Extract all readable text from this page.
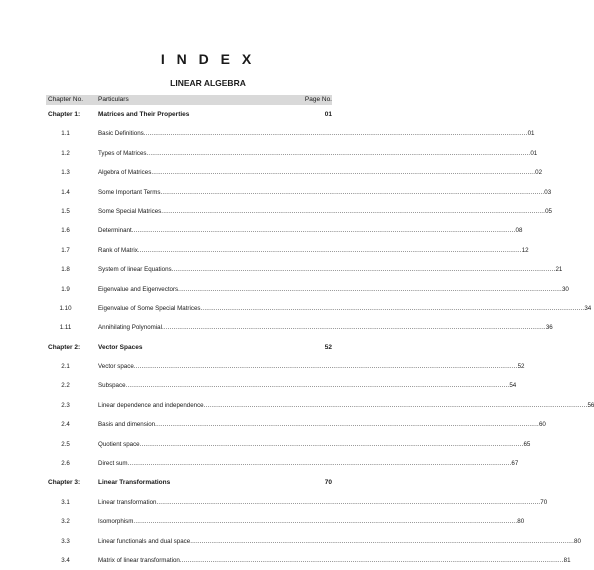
I N D E X
LINEAR ALGEBRA
Chapter No. Particulars	Page No.
Chapter 1:	Matrices and Their Properties	01
1.1	Basic Definitions ........................................................................................................................................................................................................ 01
1.2	Types of Matrices ........................................................................................................................................................................................................ 01
1.3	Algebra of Matrices ........................................................................................................................................................................................................ 02
1.4	Some Important Terms ........................................................................................................................................................................................................ 03
1.5	Some Special Matrices ........................................................................................................................................................................................................ 05
1.6	Determinant ........................................................................................................................................................................................................ 08
1.7	Rank of Matrix ........................................................................................................................................................................................................ 12
1.8	System of linear Equations ........................................................................................................................................................................................................ 21
1.9	Eigenvalue and Eigenvectors ........................................................................................................................................................................................................ 30
1.10	Eigenvalue of Some Special Matrices ........................................................................................................................................................................................................ 34
1.11	Annihilating Polynomial ........................................................................................................................................................................................................ 36
Chapter 2:	Vector Spaces	52
2.1	Vector space ........................................................................................................................................................................................................ 52
2.2	Subspace ........................................................................................................................................................................................................ 54
2.3	Linear dependence and independence ........................................................................................................................................................................................................ 56
2.4	Basis and dimension ........................................................................................................................................................................................................ 60
2.5	Quotient space ........................................................................................................................................................................................................ 65
2.6	Direct sum ........................................................................................................................................................................................................ 67
Chapter 3:	Linear Transformations	70
3.1	Linear transformation ........................................................................................................................................................................................................ 70
3.2	Isomorphism ........................................................................................................................................................................................................ 80
3.3	Linear functionals and dual space ........................................................................................................................................................................................................ 80
3.4	Matrix of linear transformation ........................................................................................................................................................................................................ 81
